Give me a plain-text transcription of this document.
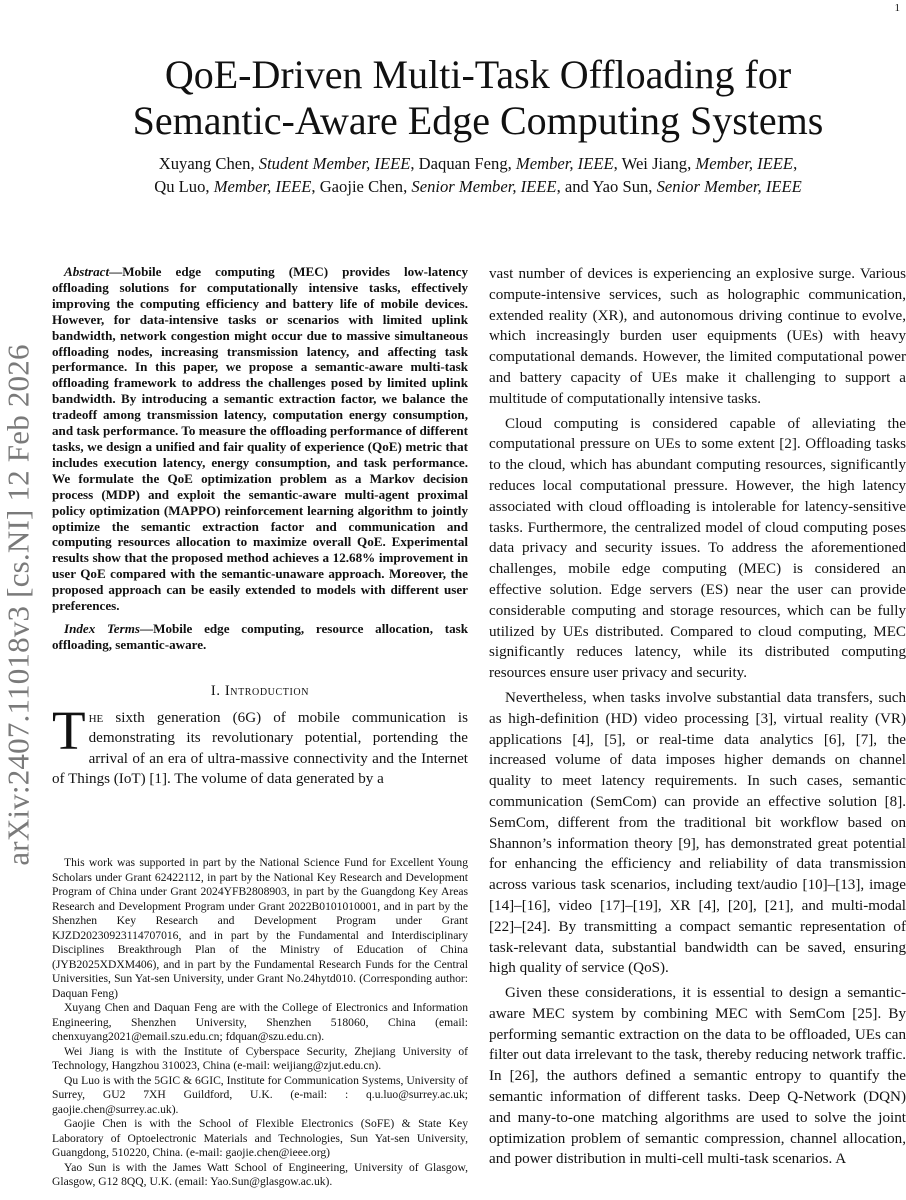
1
arXiv:2407.11018v3 [cs.NI] 12 Feb 2026
QoE-Driven Multi-Task Offloading for
Semantic-Aware Edge Computing Systems
Xuyang Chen, Student Member, IEEE, Daquan Feng, Member, IEEE, Wei Jiang, Member, IEEE,
Qu Luo, Member, IEEE, Gaojie Chen, Senior Member, IEEE, and Yao Sun, Senior Member, IEEE

Abstract—Mobile edge computing (MEC) provides low-latency offloading solutions for computationally intensive tasks, effectively improving the computing efficiency and battery life of mobile devices. However, for data-intensive tasks or scenarios with limited uplink bandwidth, network congestion might occur due to massive simultaneous offloading nodes, increasing transmission latency, and affecting task performance. In this paper, we propose a semantic-aware multi-task offloading framework to address the challenges posed by limited uplink bandwidth. By introducing a semantic extraction factor, we balance the tradeoff among transmission latency, computation energy consumption, and task performance. To measure the offloading performance of different tasks, we design a unified and fair quality of experience (QoE) metric that includes execution latency, energy consumption, and task performance. We formulate the QoE optimization problem as a Markov decision process (MDP) and exploit the semantic-aware multi-agent proximal policy optimization (MAPPO) reinforcement learning algorithm to jointly optimize the semantic extraction factor and communication and computing resources allocation to maximize overall QoE. Experimental results show that the proposed method achieves a 12.68% improvement in user QoE compared with the semantic-unaware approach. Moreover, the proposed approach can be easily extended to models with different user preferences.

Index Terms—Mobile edge computing, resource allocation, task offloading, semantic-aware.

I. Introduction

The sixth generation (6G) of mobile communication is demonstrating its revolutionary potential, portending the arrival of an era of ultra-massive connectivity and the Internet of Things (IoT) [1]. The volume of data generated by a

This work was supported in part by the National Science Fund for Excellent Young Scholars under Grant 62422112, in part by the National Key Research and Development Program of China under Grant 2024YFB2808903, in part by the Guangdong Key Areas Research and Development Program under Grant 2022B0101010001, and in part by the Shenzhen Key Research and Development Program under Grant KJZD20230923114707016, and in part by the Fundamental and Interdisciplinary Disciplines Breakthrough Plan of the Ministry of Education of China (JYB2025XDXM406), and in part by the Fundamental Research Funds for the Central Universities, Sun Yat-sen University, under Grant No.24hytd010. (Corresponding author: Daquan Feng)

Xuyang Chen and Daquan Feng are with the College of Electronics and Information Engineering, Shenzhen University, Shenzhen 518060, China (email: chenxuyang2021@email.szu.edu.cn; fdquan@szu.edu.cn).

Wei Jiang is with the Institute of Cyberspace Security, Zhejiang University of Technology, Hangzhou 310023, China (e-mail: weijiang@zjut.edu.cn).

Qu Luo is with the 5GIC & 6GIC, Institute for Communication Systems, University of Surrey, GU2 7XH Guildford, U.K. (e-mail: : q.u.luo@surrey.ac.uk; gaojie.chen@surrey.ac.uk).

Gaojie Chen is with the School of Flexible Electronics (SoFE) & State Key Laboratory of Optoelectronic Materials and Technologies, Sun Yat-sen University, Guangdong, 510220, China. (e-mail: gaojie.chen@ieee.org)

Yao Sun is with the James Watt School of Engineering, University of Glasgow, Glasgow, G12 8QQ, U.K. (email: Yao.Sun@glasgow.ac.uk).

vast number of devices is experiencing an explosive surge. Various compute-intensive services, such as holographic communication, extended reality (XR), and autonomous driving continue to evolve, which increasingly burden user equipments (UEs) with heavy computational demands. However, the limited computational power and battery capacity of UEs make it challenging to support a multitude of computationally intensive tasks.

Cloud computing is considered capable of alleviating the computational pressure on UEs to some extent [2]. Offloading tasks to the cloud, which has abundant computing resources, significantly reduces local computational pressure. However, the high latency associated with cloud offloading is intolerable for latency-sensitive tasks. Furthermore, the centralized model of cloud computing poses data privacy and security issues. To address the aforementioned challenges, mobile edge computing (MEC) is considered an effective solution. Edge servers (ES) near the user can provide considerable computing and storage resources, which can be fully utilized by UEs distributed. Compared to cloud computing, MEC significantly reduces latency, while its distributed computing resources ensure user privacy and security.

Nevertheless, when tasks involve substantial data transfers, such as high-definition (HD) video processing [3], virtual reality (VR) applications [4], [5], or real-time data analytics [6], [7], the increased volume of data imposes higher demands on channel quality to meet latency requirements. In such cases, semantic communication (SemCom) can provide an effective solution [8]. SemCom, different from the traditional bit workflow based on Shannon’s information theory [9], has demonstrated great potential for enhancing the efficiency and reliability of data transmission across various task scenarios, including text/audio [10]–[13], image [14]–[16], video [17]–[19], XR [4], [20], [21], and multi-modal [22]–[24]. By transmitting a compact semantic representation of task-relevant data, substantial bandwidth can be saved, ensuring high quality of service (QoS).

Given these considerations, it is essential to design a semantic-aware MEC system by combining MEC with SemCom [25]. By performing semantic extraction on the data to be offloaded, UEs can filter out data irrelevant to the task, thereby reducing network traffic. In [26], the authors defined a semantic entropy to quantify the semantic information of different tasks. Deep Q-Network (DQN) and many-to-one matching algorithms are used to solve the joint optimization problem of semantic compression, channel allocation, and power distribution in multi-cell multi-task scenarios. A
